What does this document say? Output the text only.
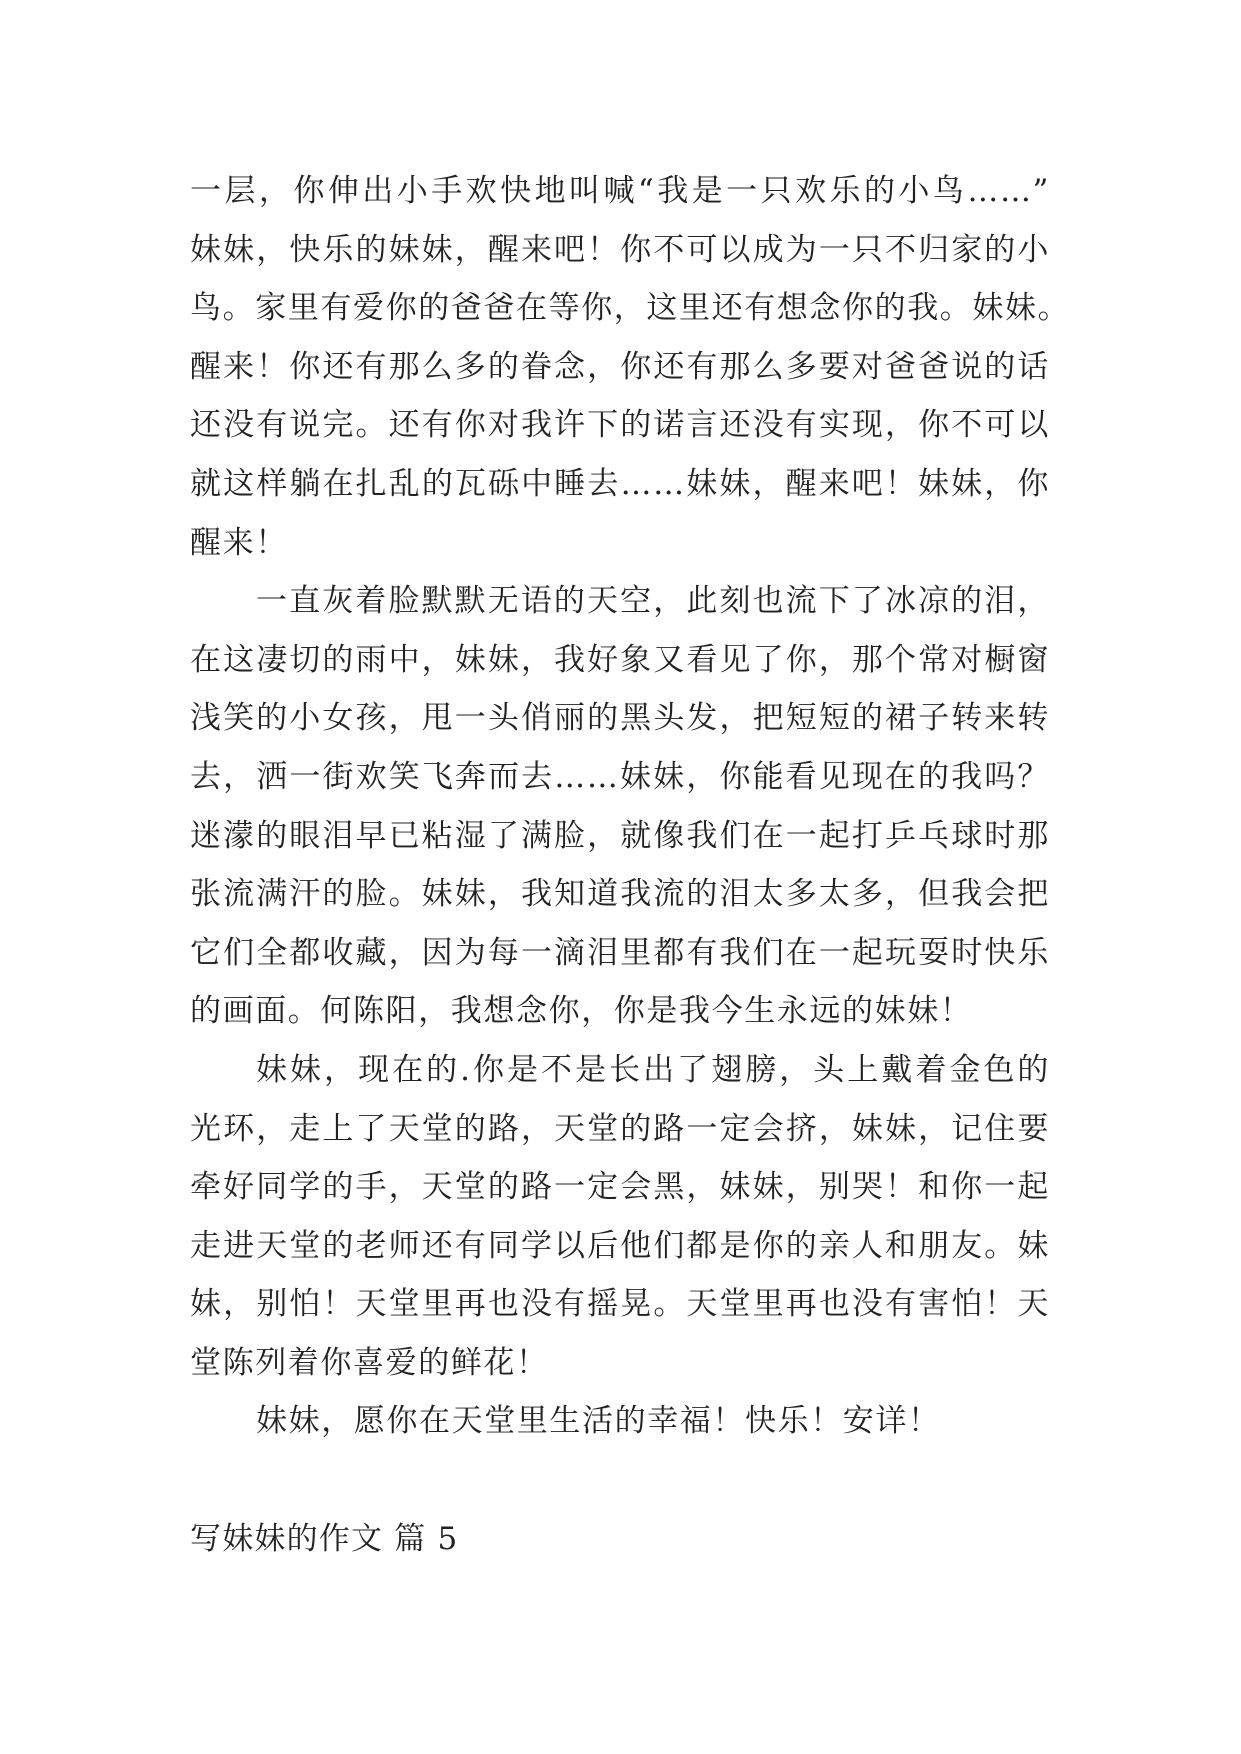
一层，你伸出小手欢快地叫喊“我是一只欢乐的小鸟……”
妹妹，快乐的妹妹，醒来吧！你不可以成为一只不归家的小
鸟。家里有爱你的爸爸在等你，这里还有想念你的我。妹妹。
醒来！你还有那么多的眷念，你还有那么多要对爸爸说的话
还没有说完。还有你对我许下的诺言还没有实现，你不可以
就这样躺在扎乱的瓦砾中睡去……妹妹，醒来吧！妹妹，你
醒来！
一直灰着脸默默无语的天空，此刻也流下了冰凉的泪，
在这凄切的雨中，妹妹，我好象又看见了你，那个常对橱窗
浅笑的小女孩，甩一头俏丽的黑头发，把短短的裙子转来转
去，洒一街欢笑飞奔而去……妹妹，你能看见现在的我吗？
迷濛的眼泪早已粘湿了满脸，就像我们在一起打乒乓球时那
张流满汗的脸。妹妹，我知道我流的泪太多太多，但我会把
它们全都收藏，因为每一滴泪里都有我们在一起玩耍时快乐
的画面。何陈阳，我想念你，你是我今生永远的妹妹！
妹妹，现在的.你是不是长出了翅膀，头上戴着金色的
光环，走上了天堂的路，天堂的路一定会挤，妹妹，记住要
牵好同学的手，天堂的路一定会黑，妹妹，别哭！和你一起
走进天堂的老师还有同学以后他们都是你的亲人和朋友。妹
妹，别怕！天堂里再也没有摇晃。天堂里再也没有害怕！天
堂陈列着你喜爱的鲜花！
妹妹，愿你在天堂里生活的幸福！快乐！安详！
写妹妹的作文 篇 5
